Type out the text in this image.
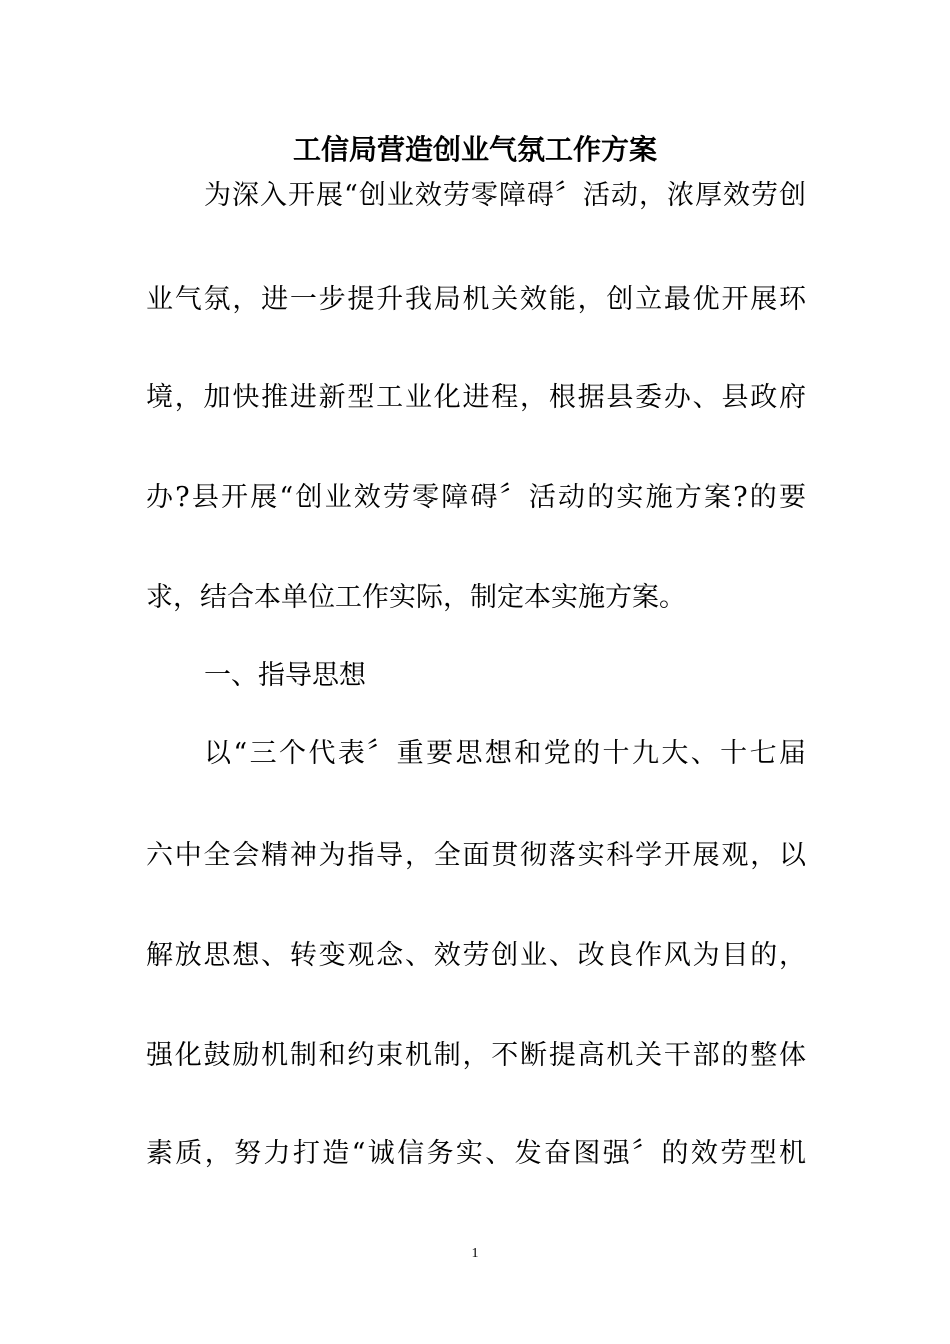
工信局营造创业气氛工作方案
为深入开展“创业效劳零障碍〞活动，浓厚效劳创
业气氛，进一步提升我局机关效能，创立最优开展环
境，加快推进新型工业化进程，根据县委办、县政府
办?县开展“创业效劳零障碍〞活动的实施方案?的要
求，结合本单位工作实际，制定本实施方案。
一、指导思想
以“三个代表〞重要思想和党的十九大、十七届
六中全会精神为指导，全面贯彻落实科学开展观，以
解放思想、转变观念、效劳创业、改良作风为目的，
强化鼓励机制和约束机制，不断提高机关干部的整体
素质，努力打造“诚信务实、发奋图强〞的效劳型机
1
